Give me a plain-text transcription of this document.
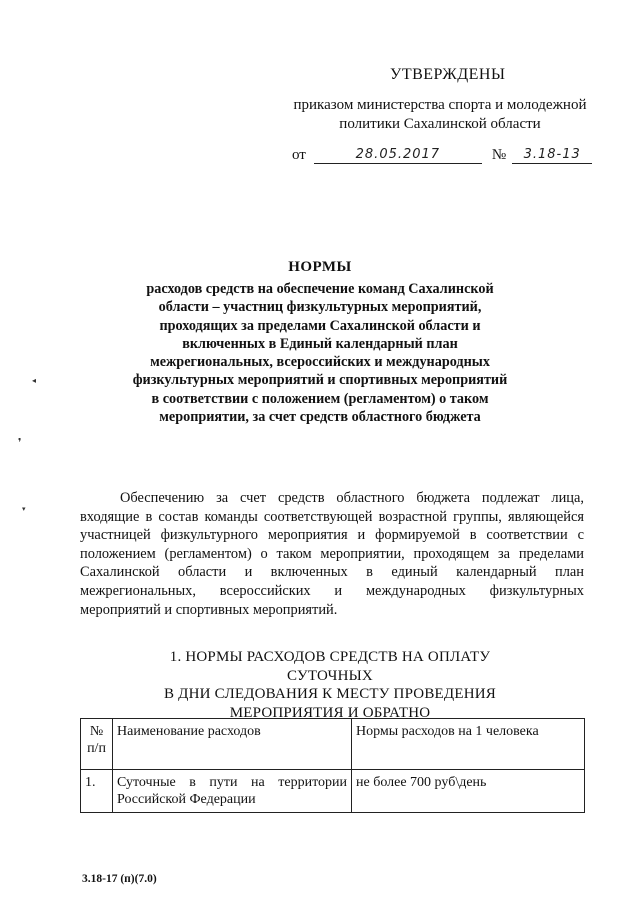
УТВЕРЖДЕНЫ
приказом министерства спорта и молодежной
политики Сахалинской области
от	28.05.2017	№	3.18-13
НОРМЫ
расходов средств на обеспечение команд Сахалинской области – участниц физкультурных мероприятий, проходящих за пределами Сахалинской области и включенных в Единый календарный план межрегиональных, всероссийских и международных физкультурных мероприятий и спортивных мероприятий в соответствии с положением (регламентом) о таком мероприятии, за счет средств областного бюджета
◂
❜
▾
Обеспечению за счет средств областного бюджета подлежат лица, входящие в состав команды соответствующей возрастной группы, являющейся участницей физкультурного мероприятия и формируемой в соответствии с положением (регламентом) о таком мероприятии, проходящем за пределами Сахалинской области и включенных в единый календарный план межрегиональных, всероссийских и международных физкультурных мероприятий и спортивных мероприятий.
1. НОРМЫ РАСХОДОВ СРЕДСТВ НА ОПЛАТУ СУТОЧНЫХ
В ДНИ СЛЕДОВАНИЯ К МЕСТУ ПРОВЕДЕНИЯ
МЕРОПРИЯТИЯ И ОБРАТНО
№ п/п	Наименование расходов	Нормы расходов на 1 человека
1.	Суточные в пути на территории Российской Федерации	не более 700 руб\день
3.18-17 (п)(7.0)
